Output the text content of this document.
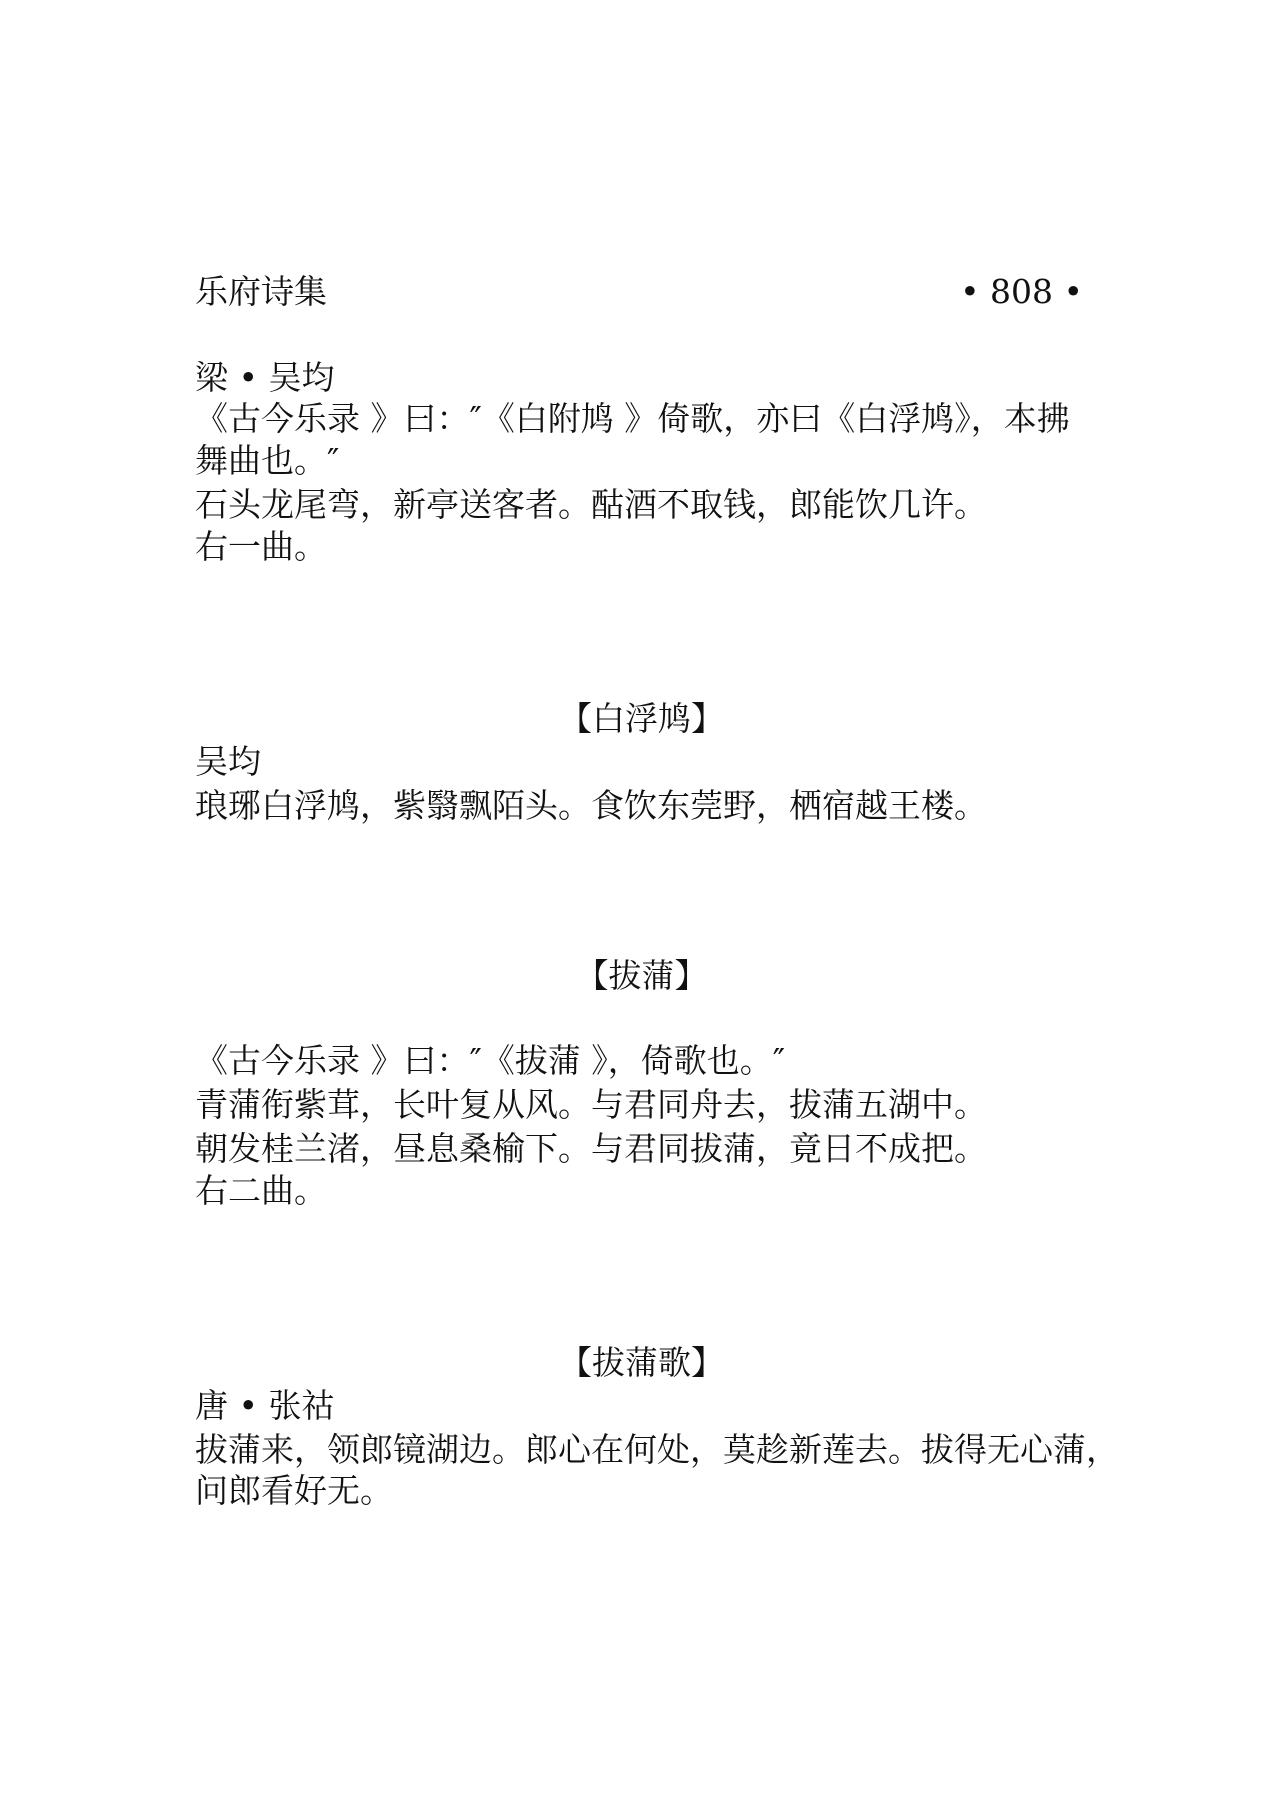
乐府诗集	• 808 •
梁 • 吴均
《古今乐录 》曰：″《白附鸠 》倚歌，亦曰《白浮鸠》，本拂
舞曲也。″
石头龙尾弯，新亭送客者。酤酒不取钱，郎能饮几许。
右一曲。
【白浮鸠】
吴均
琅琊白浮鸠，紫翳飘陌头。食饮东莞野，栖宿越王楼。
【拔蒲】
《古今乐录 》曰：″《拔蒲 》，倚歌也。″
青蒲衔紫茸，长叶复从风。与君同舟去，拔蒲五湖中。
朝发桂兰渚，昼息桑榆下。与君同拔蒲，竟日不成把。
右二曲。
【拔蒲歌】
唐 • 张祜
拔蒲来，领郎镜湖边。郎心在何处，莫趁新莲去。拔得无心蒲，
问郎看好无。
